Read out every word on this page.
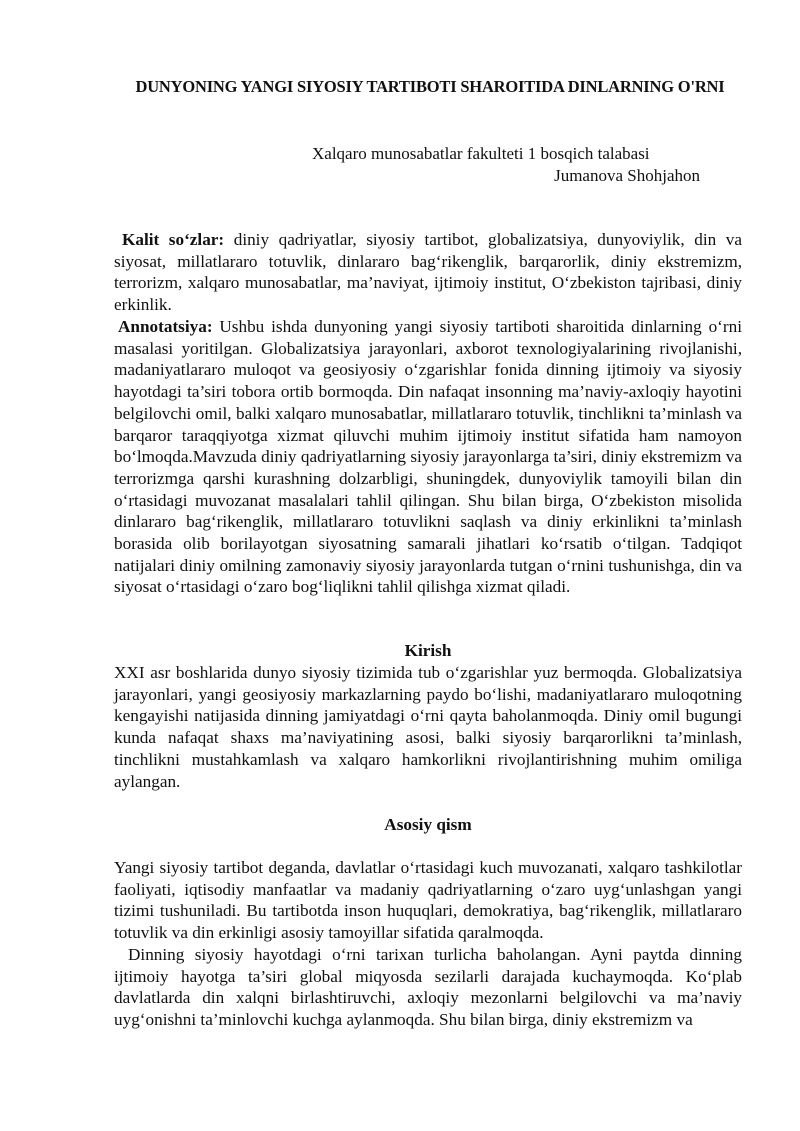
DUNYONING YANGI SIYOSIY TARTIBOTI SHAROITIDA DINLARNING O'RNI
Xalqaro munosabatlar fakulteti 1 bosqich talabasi
Jumanova Shohjahon

Kalit so‘zlar: diniy qadriyatlar, siyosiy tartibot, globalizatsiya, dunyoviylik, din va siyosat, millatlararo totuvlik, dinlararo bag‘rikenglik, barqarorlik, diniy ekstremizm, terrorizm, xalqaro munosabatlar, ma’naviyat, ijtimoiy institut, O‘zbekiston tajribasi, diniy erkinlik.

Annotatsiya: Ushbu ishda dunyoning yangi siyosiy tartiboti sharoitida dinlarning o‘rni masalasi yoritilgan. Globalizatsiya jarayonlari, axborot texnologiyalarining rivojlanishi, madaniyatlararo muloqot va geosiyosiy o‘zgarishlar fonida dinning ijtimoiy va siyosiy hayotdagi ta’siri tobora ortib bormoqda. Din nafaqat insonning ma’naviy-axloqiy hayotini belgilovchi omil, balki xalqaro munosabatlar, millatlararo totuvlik, tinchlikni ta’minlash va barqaror taraqqiyotga xizmat qiluvchi muhim ijtimoiy institut sifatida ham namoyon bo‘lmoqda.Mavzuda diniy qadriyatlarning siyosiy jarayonlarga ta’siri, diniy ekstremizm va terrorizmga qarshi kurashning dolzarbligi, shuningdek, dunyoviylik tamoyili bilan din o‘rtasidagi muvozanat masalalari tahlil qilingan. Shu bilan birga, O‘zbekiston misolida dinlararo bag‘rikenglik, millatlararo totuvlikni saqlash va diniy erkinlikni ta’minlash borasida olib borilayotgan siyosatning samarali jihatlari ko‘rsatib o‘tilgan. Tadqiqot natijalari diniy omilning zamonaviy siyosiy jarayonlarda tutgan o‘rnini tushunishga, din va siyosat o‘rtasidagi o‘zaro bog‘liqlikni tahlil qilishga xizmat qiladi.

Kirish

XXI asr boshlarida dunyo siyosiy tizimida tub o‘zgarishlar yuz bermoqda. Globalizatsiya jarayonlari, yangi geosiyosiy markazlarning paydo bo‘lishi, madaniyatlararo muloqotning kengayishi natijasida dinning jamiyatdagi o‘rni qayta baholanmoqda. Diniy omil bugungi kunda nafaqat shaxs ma’naviyatining asosi, balki siyosiy barqarorlikni ta’minlash, tinchlikni mustahkamlash va xalqaro hamkorlikni rivojlantirishning muhim omiliga aylangan.

Asosiy qism

Yangi siyosiy tartibot deganda, davlatlar o‘rtasidagi kuch muvozanati, xalqaro tashkilotlar faoliyati, iqtisodiy manfaatlar va madaniy qadriyatlarning o‘zaro uyg‘unlashgan yangi tizimi tushuniladi. Bu tartibotda inson huquqlari, demokratiya, bag‘rikenglik, millatlararo totuvlik va din erkinligi asosiy tamoyillar sifatida qaralmoqda.

Dinning siyosiy hayotdagi o‘rni tarixan turlicha baholangan. Ayni paytda dinning ijtimoiy hayotga ta’siri global miqyosda sezilarli darajada kuchaymoqda. Ko‘plab davlatlarda din xalqni birlashtiruvchi, axloqiy mezonlarni belgilovchi va ma’naviy uyg‘onishni ta’minlovchi kuchga aylanmoqda. Shu bilan birga, diniy ekstremizm va
